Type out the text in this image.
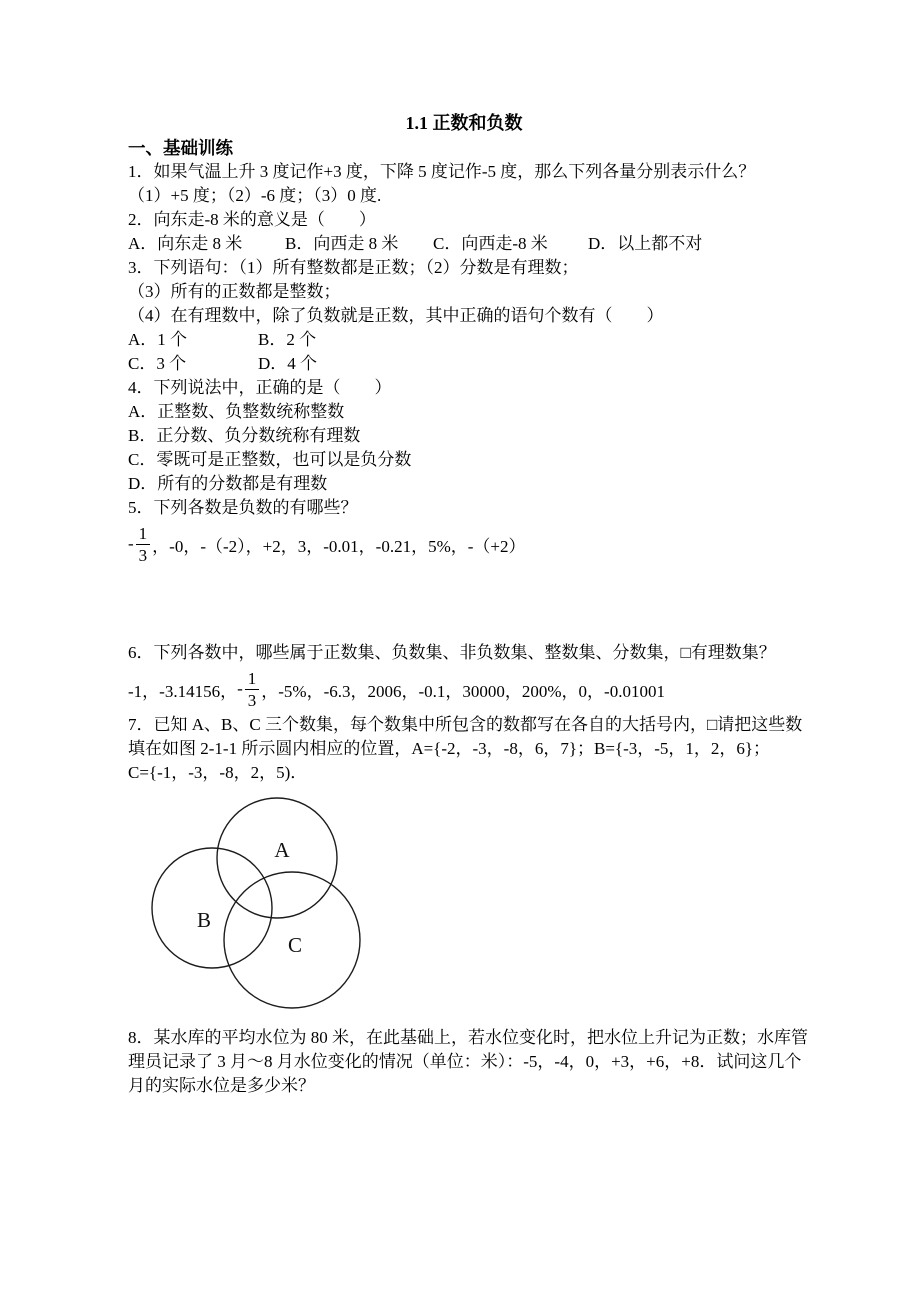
1.1 正数和负数
一、基础训练
1．如果气温上升 3 度记作+3 度，下降 5 度记作-5 度，那么下列各量分别表示什么？
（1）+5 度；（2）-6 度；（3）0 度.
2．向东走-8 米的意义是（　　）
A．向东走 8 米	B．向西走 8 米 C．向西走-8 米 D．以上都不对
3．下列语句：（1）所有整数都是正数；（2）分数是有理数；
（3）所有的正数都是整数；
（4）在有理数中，除了负数就是正数，其中正确的语句个数有（　　）
A．1 个	B．2 个
C．3 个	D．4 个
4．下列说法中，正确的是（　　）
A．正整数、负整数统称整数
B．正分数、负分数统称有理数
C．零既可是正整数，也可以是负分数
D．所有的分数都是有理数
5．下列各数是负数的有哪些？
- $\frac{1}{3}$ ，-0，-（-2），+2，3，-0.01，-0.21，5%，-（+2）
6．下列各数中，哪些属于正数集、负数集、非负数集、整数集、分数集，□有理数集？
-1，-3.14156， - $\frac{1}{3}$ ，-5%，-6.3，2006，-0.1，30000，200%，0，-0.01001
7．已知 A、B、C 三个数集，每个数集中所包含的数都写在各自的大括号内，□请把这些数
填在如图 2-1-1 所示圆内相应的位置，A={-2，-3，-8，6，7}；B={-3，-5，1，2，6}；
C={-1，-3，-8，2，5)．
A
B
C
8．某水库的平均水位为 80 米，在此基础上，若水位变化时，把水位上升记为正数；水库管
理员记录了 3 月～8 月水位变化的情况（单位：米）：-5，-4，0，+3，+6，+8．试问这几个
月的实际水位是多少米？
